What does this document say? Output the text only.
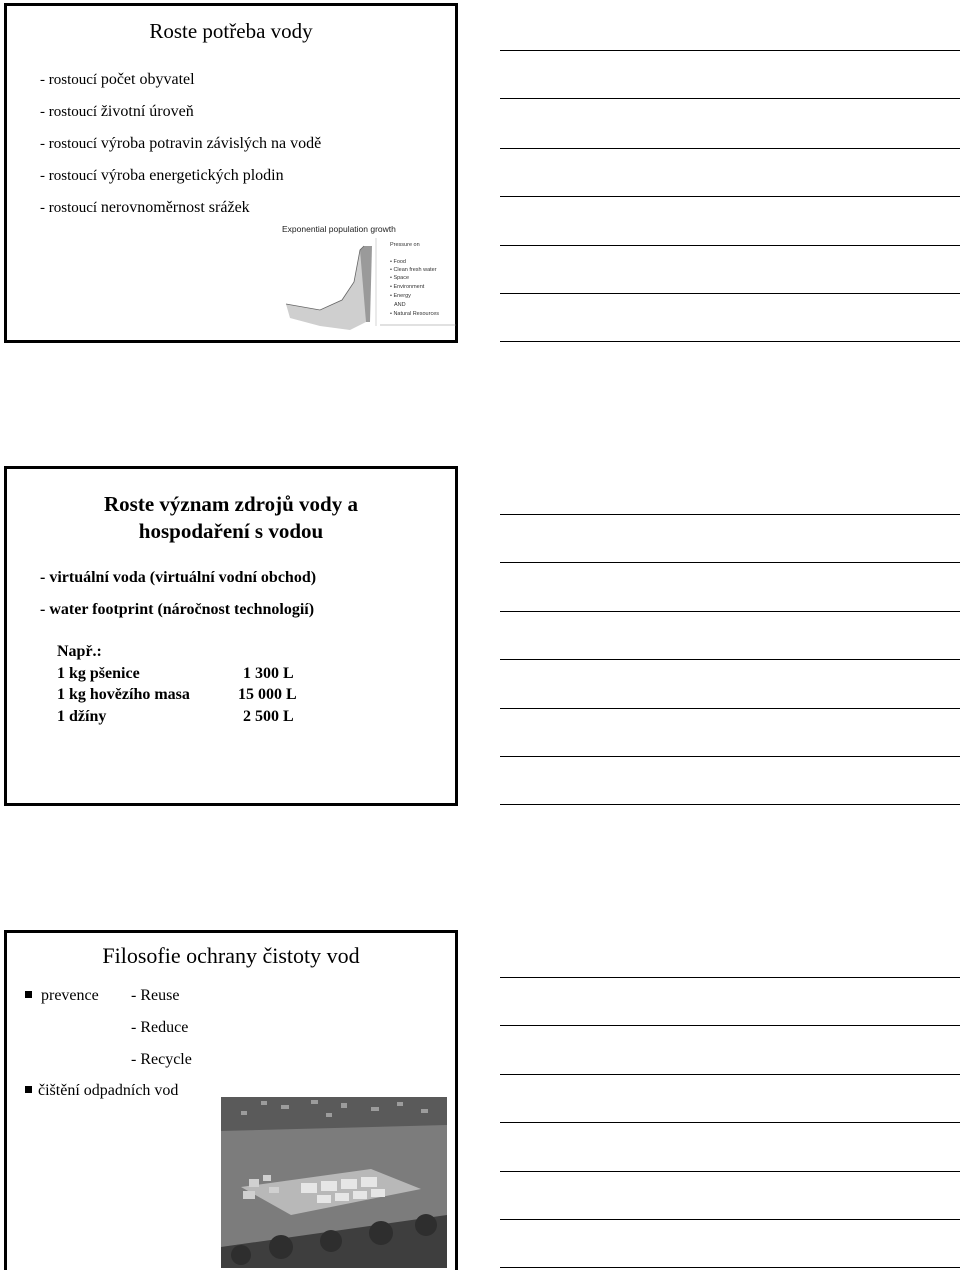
Roste potřeba vody
- rostoucí počet obyvatel
- rostoucí životní úroveň
- rostoucí výroba potravin závislých na vodě
- rostoucí výroba energetických plodin
- rostoucí nerovnoměrnost srážek
Exponential population growth
Pressure on
• Food
• Clean fresh water
• Space
• Environment
• Energy
AND
• Natural Resources
Roste význam zdrojů vody a
hospodaření s vodou
- virtuální voda (virtuální vodní obchod)
- water footprint (náročnost technologií)
Např.:
1 kg pšenice	1 300 L
1 kg hovězího masa	15 000 L
1 džíny	2 500 L
Filosofie ochrany čistoty vod
prevence - Reuse
- Reduce
- Recycle
čištění odpadních vod
